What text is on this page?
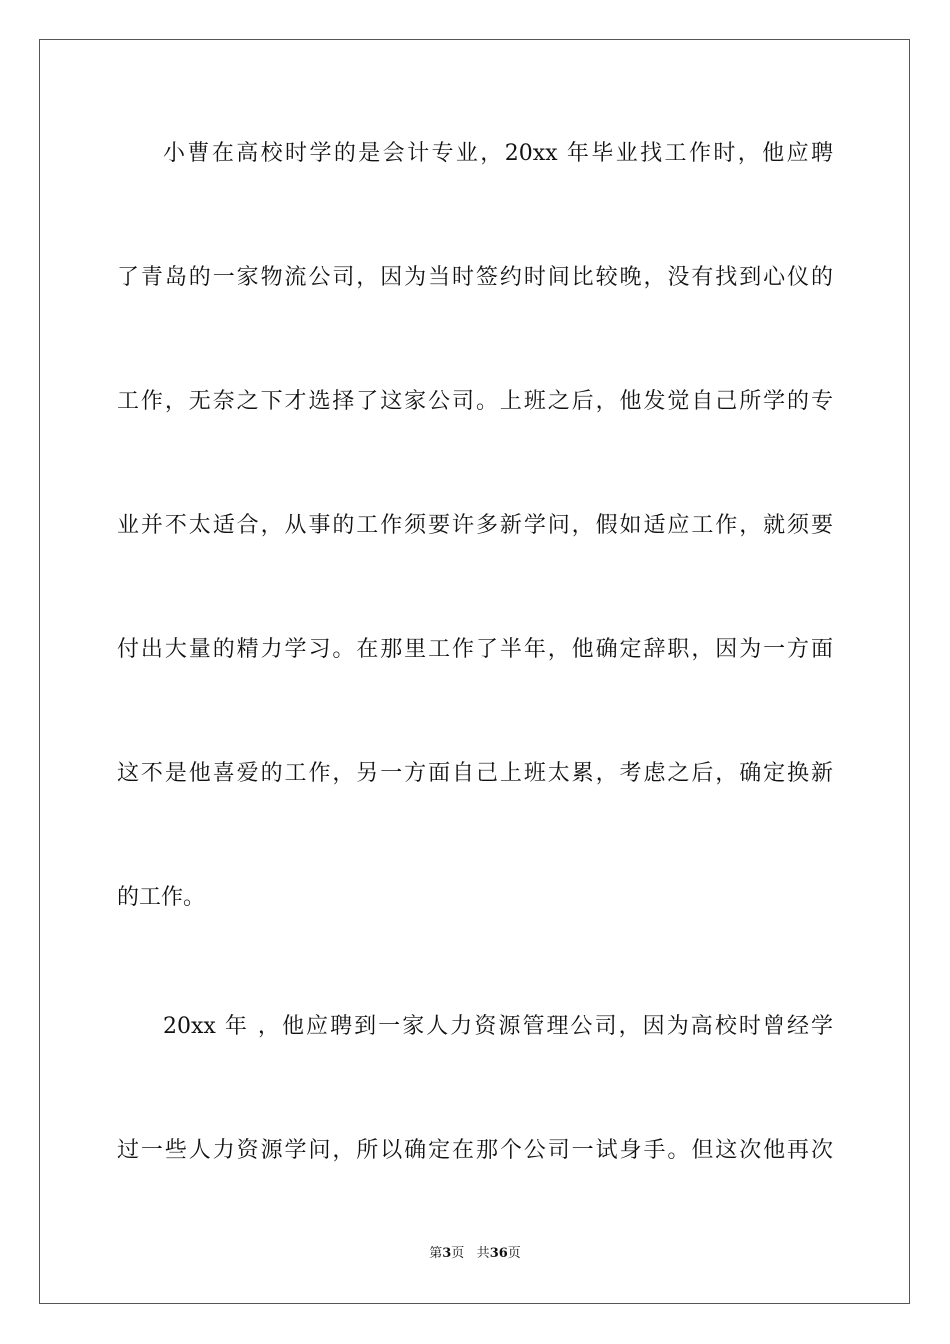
小曹在高校时学的是会计专业，20xx 年毕业找工作时，他应聘
了青岛的一家物流公司，因为当时签约时间比较晚，没有找到心仪的
工作，无奈之下才选择了这家公司。上班之后，他发觉自己所学的专
业并不太适合，从事的工作须要许多新学问，假如适应工作，就须要
付出大量的精力学习。在那里工作了半年，他确定辞职，因为一方面
这不是他喜爱的工作，另一方面自己上班太累，考虑之后，确定换新
的工作。
20xx 年 ，他应聘到一家人力资源管理公司，因为高校时曾经学
过一些人力资源学问，所以确定在那个公司一试身手。但这次他再次
第3页 共36页
